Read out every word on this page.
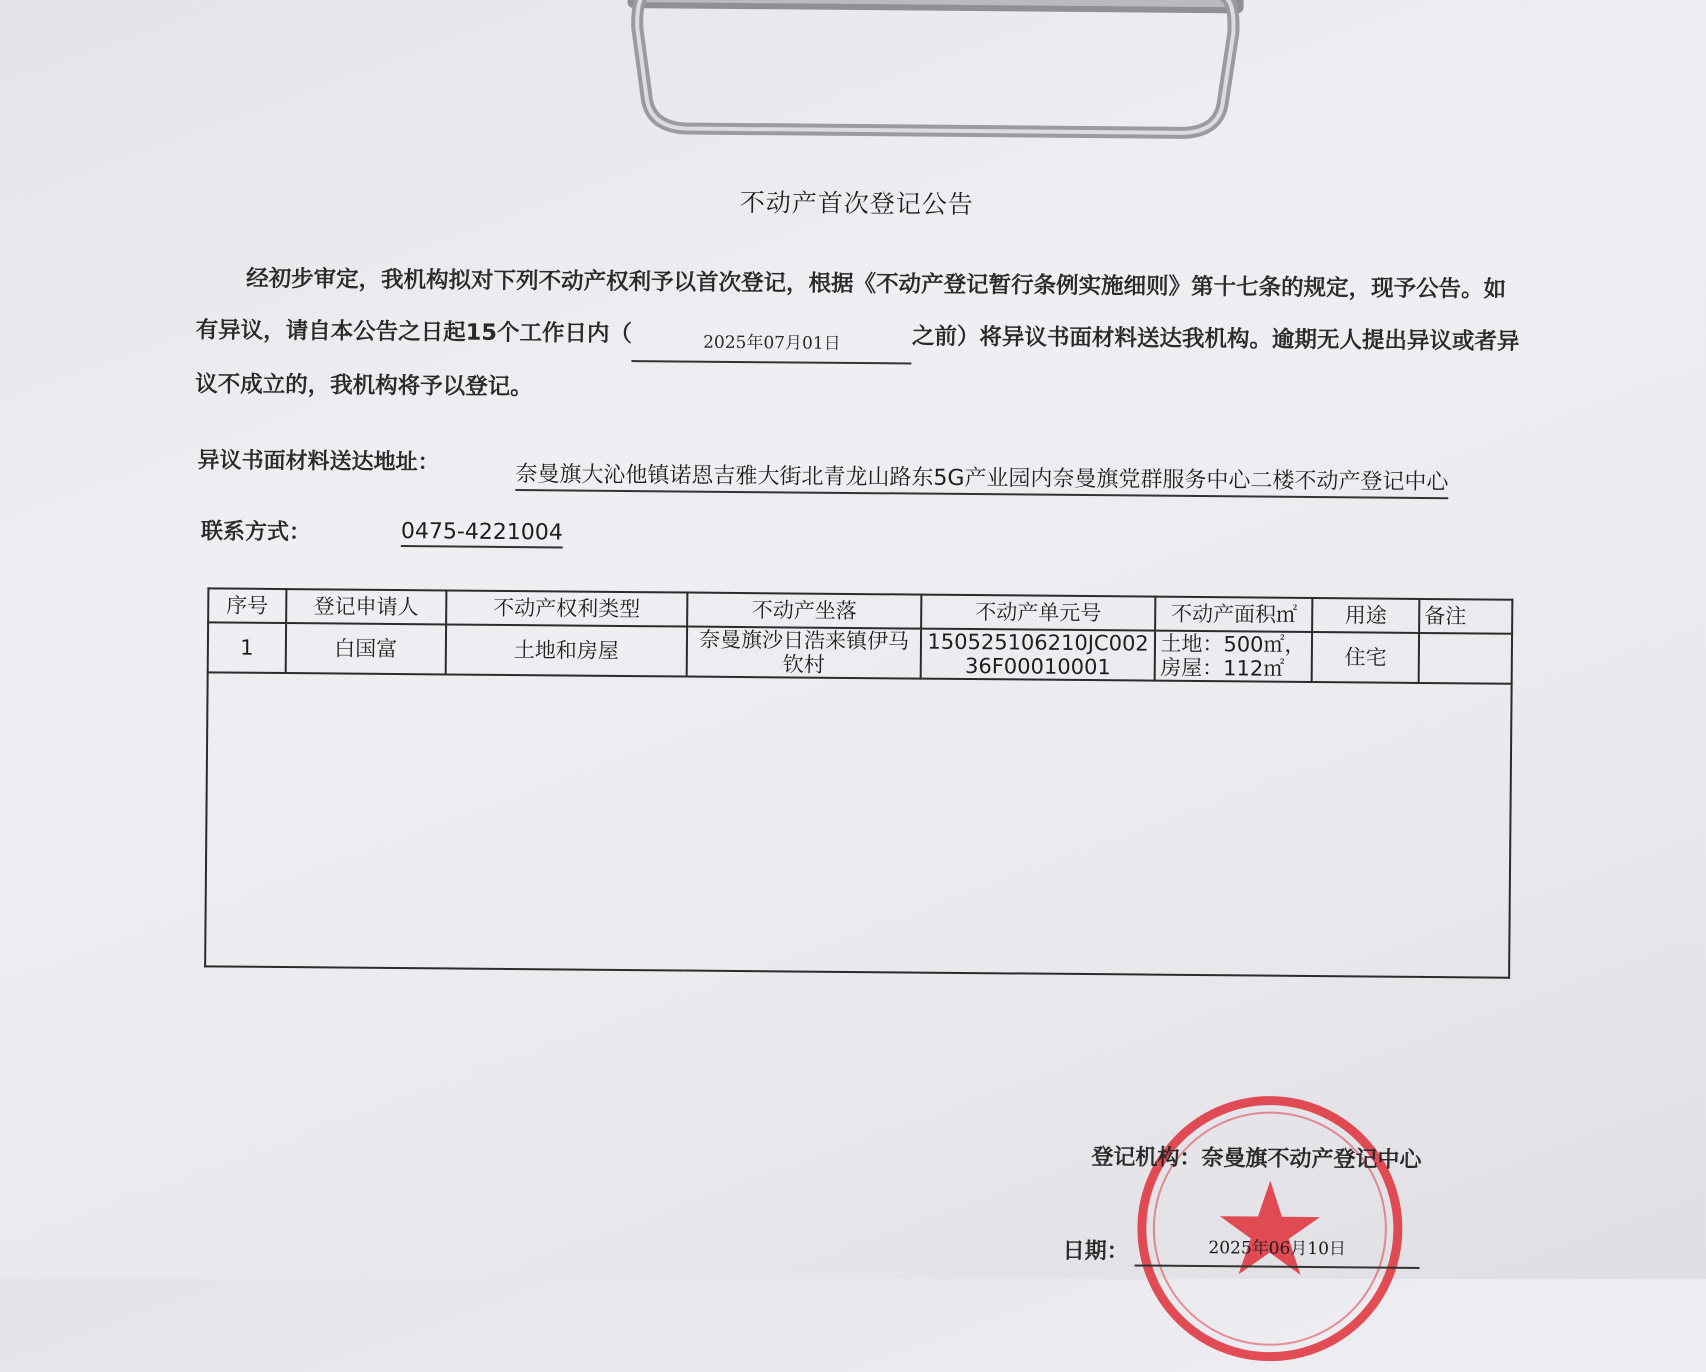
不动产首次登记公告
经初步审定，我机构拟对下列不动产权利予以首次登记，根据《不动产登记暂行条例实施细则》第十七条的规定，现予公告。如有异议，请自本公告之日起15个工作日内（	2025年07月01日	之前）将异议书面材料送达我机构。逾期无人提出异议或者异议不成立的，我机构将予以登记。
异议书面材料送达地址：
奈曼旗大沁他镇诺恩吉雅大街北青龙山路东5G产业园内奈曼旗党群服务中心二楼不动产登记中心
联系方式：	0475-4221004
序号	登记申请人	不动产权利类型	不动产坐落	不动产单元号	不动产面积㎡	用途	备注
1	白国富	土地和房屋	奈曼旗沙日浩来镇伊马钦村	150525106210JC00236F00010001	土地：500㎡，房屋：112㎡	住宅	

登记机构：奈曼旗不动产登记中心
日期：	2025年06月10日
